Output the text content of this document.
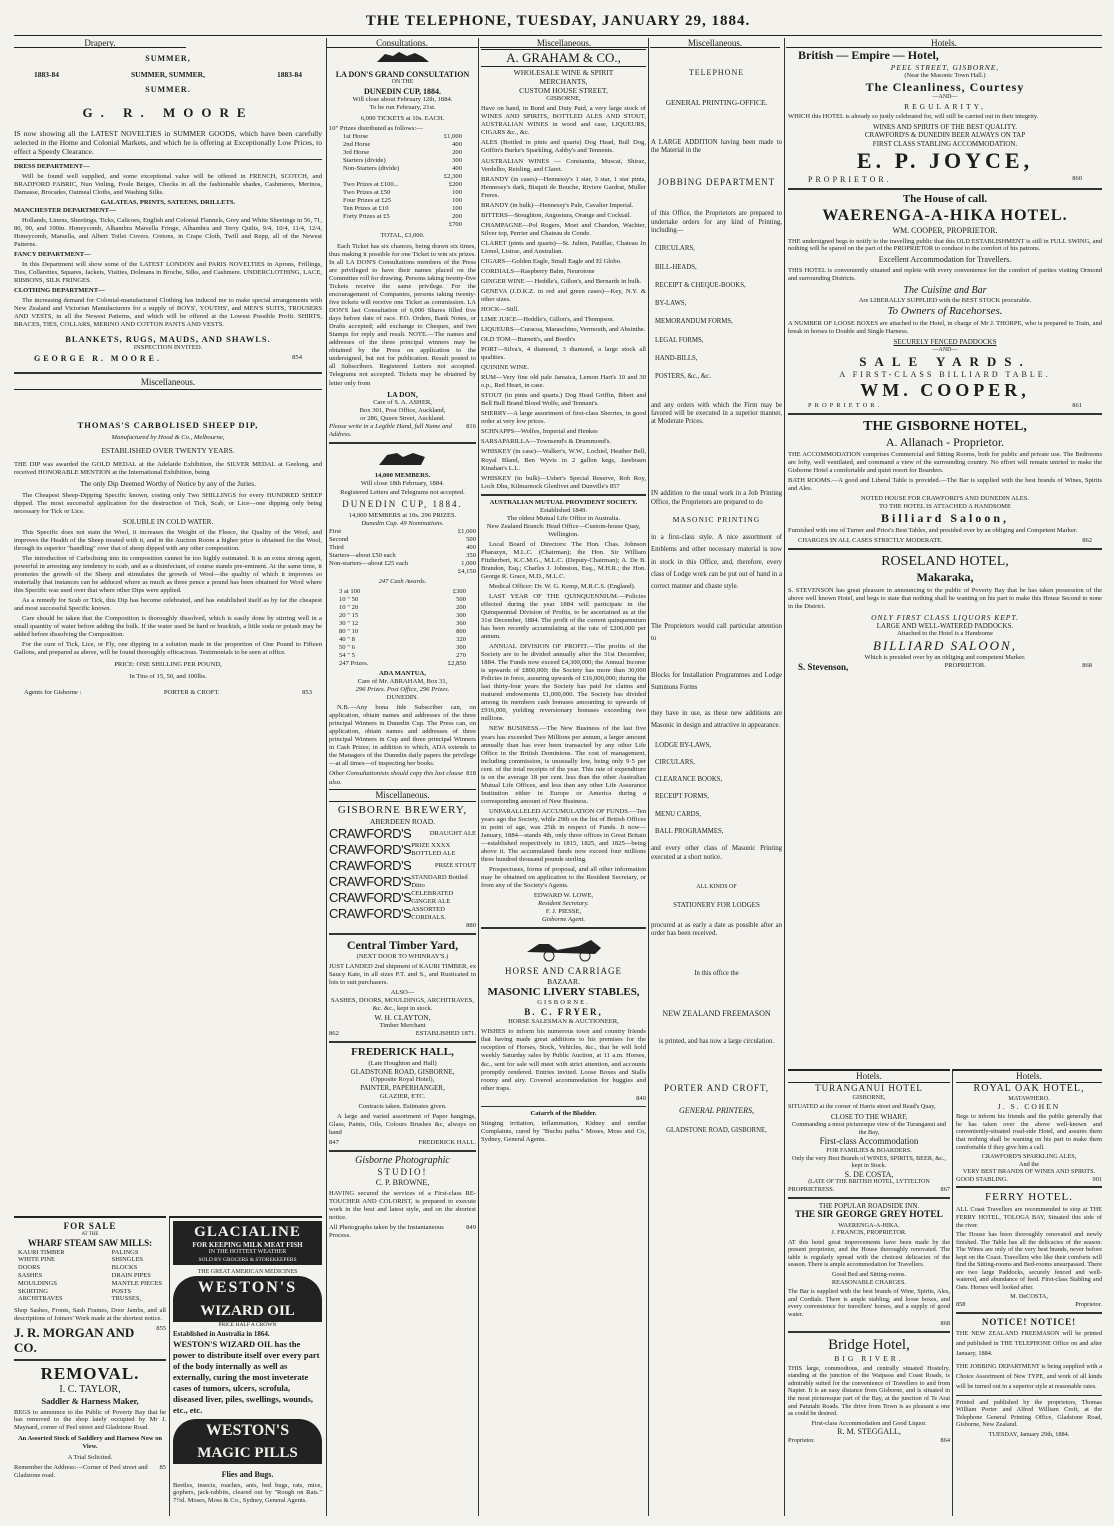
THE TELEPHONE, TUESDAY, JANUARY 29, 1884.
Drapery.	Consultations.	Miscellaneous.	Miscellaneous.	Hotels.
SUMMER,
1883-84	SUMMER, SUMMER,	1883-84
SUMMER.
G. R. MOORE
IS now showing all the LATEST NOVELTIES in SUMMER GOODS, which have been carefully selected in the Home and Colonial Markets, and which he is offering at Exceptionally Low Prices, to effect a Speedy Clearance.
DRESS DEPARTMENT—
Will be found well supplied, and some exceptional value will be offered in FRENCH, SCOTCH, and BRADFORD FABRIC, Nun Veiling, Foule Beiges, Checks in all the fashionable shades, Cashmeres, Merinos, Damasse, Brocades, Oatmeal Cloths, and Washing Silks.
GALATEAS, PRINTS, SATEENS, DRILLETS.
MANCHESTER DEPARTMENT—
Hollands, Linens, Sheetings, Ticks, Calicoes, English and Colonial Flannels, Grey and White Sheetings in 56, 71, 80, 90, and 100in. Honeycomb, Alhambra Marsella Fringe, Alhambra and Terry Quilts, 9/4, 10/4, 11/4, 12/4, Honeycomb, Marsella, and Albert Toilet Covers. Cretons, in Crape Cloth, Twill and Repp, all of the Newest Patterns.
FANCY DEPARTMENT—
In this Department will show some of the LATEST LONDON and PARIS NOVELTIES in Aprons, Frillings, Ties, Collarettes, Squares, Jackets, Visittes, Dolmans in Broche, Silks, and Cashmere. UNDERCLOTHING, LACE, RIBBONS, SILK FRINGES.
CLOTHING DEPARTMENT—
The increasing demand for Colonial-manufactured Clothing has induced me to make special arrangements with New Zealand and Victorian Manufacturers for a supply of BOYS', YOUTHS', and MEN'S SUITS, TROUSERS AND VESTS, in all the Newest Patterns, and which will be offered at the Lowest Possible Profit. SHIRTS, BRACES, TIES, COLLARS, MERINO AND COTTON PANTS AND VESTS.
BLANKETS, RUGS, MAUDS, AND SHAWLS.
INSPECTION INVITED.
GEORGE R. MOORE.	854
Miscellaneous.
THOMAS'S CARBOLISED SHEEP DIP,
Manufactured by Hood & Co., Melbourne,
ESTABLISHED OVER TWENTY YEARS.
THE DIP was awarded the GOLD MEDAL at the Adelaide Exhibition, the SILVER MEDAL at Geelong, and received HONORABLE MENTION at the International Exhibition, being
The only Dip Deemed Worthy of Notice by any of the Juries.
The Cheapest Sheep-Dipping Specific known, costing only Two SHILLINGS for every HUNDRED SHEEP dipped. The most successful application for the destruction of Tick, Scab, or Lice—one dipping only being necessary for Tick or Lice.
SOLUBLE IN COLD WATER.
This Specific does not stain the Wool, it increases the Weight of the Fleece, the Quality of the Wool, and improves the Health of the Sheep treated with it, and in the Auction Room a higher price is obtained for the Wool, through its superior "handling" over that of sheep dipped with any other composition.
The introduction of Carbolising into its composition cannot be too highly estimated. It is an extra strong agent, powerful in arresting any tendency to scab, and as a disinfectant, of course stands pre-eminent. At the same time, it promotes the growth of the Sheep and stimulates the growth of Wool—the quality of which it improves so materially that instances can be adduced where as much as three pence a pound has been obtained for Wool where this Specific was used over that where other Dips were applied.
As a remedy for Scab or Tick, this Dip has become celebrated, and has established itself as by far the cheapest and most successful Specific known.
Care should be taken that the Composition is thoroughly dissolved, which is easily done by stirring well in a small quantity of water before adding the bulk. If the water used be hard or brackish, a little soda or potash may be added before dissolving the Composition.
For the cure of Tick, Lice, or Fly, one dipping in a solution made in the proportion of One Pound to Fifteen Gallons, and prepared as above, will be found thoroughly efficacious. Testimonials to be seen at office.
PRICE: ONE SHILLING PER POUND,
In Tins of 15, 50, and 100lbs.
Agents for Gisborne :	PORTER & CROFT.	853
FOR SALE
AT THE
WHARF STEAM SAW MILLS:
KAURI TIMBER
WHITE PINE
DOORS
SASHES
MOULDINGS
SKIRTING
ARCHITRAVES
PALINGS
SHINGLES
BLOCKS
DRAIN PIPES
MANTLE PIECES
POSTS
TRUSSES,
Shop Sashes, Fronts, Sash Frames, Door Jambs, and all descriptions of Joiners' Work made at the shortest notice.
J. R. MORGAN AND CO.
855
REMOVAL.
I. C. TAYLOR,
Saddler & Harness Maker,
BEGS to announce to the Public of Poverty Bay that he has removed to the shop lately occupied by Mr J. Maynard, corner of Peel street and Gladstone Road.
An Assorted Stock of Saddlery and Harness Now on View.
A Trial Solicited.
Remember the Address:—Corner of Peel street and Gladstone road.
85
GLACIALINE
FOR KEEPING MILK MEAT FISH
IN THE HOTTEST WEATHER
SOLD BY GROCERS & STOREKEEPERS
THE GREAT AMERICAN MEDICINES
WESTON'S
WIZARD OIL
PRICE HALF A CROWN
Established in Australia in 1864.
WESTON'S WIZARD OIL has the power to distribute itself over every part of the body internally as well as externally, curing the most inveterate cases of tumors, ulcers, scrofula, diseased liver, piles, swellings, wounds, etc., etc.
WESTON'S
MAGIC PILLS
Flies and Bugs.
Beetles, insects, roaches, ants, bed bugs, rats, mice, gophers, jack-rabbits, cleared out by "Rough on Rats." 7½d. Moses, Moss & Co., Sydney, General Agents.
LA DON'S GRAND CONSULTATION
ON THE
DUNEDIN CUP, 1884.
Will close about February 12th, 1884.
To be run February, 21st.
6,000 TICKETS at 10s. EACH.
10" Prizes distributed as follows:—
1st Horse	£1,000
2nd Horse	400
3rd Horse	200
Starters (divide)	300
Non-Starters (divide)	400
£2,300
Two Prizes at £100...	£200
Two Prizes at £50	100
Four Prizes at £25	100
Ten Prizes at £10	100
Forty Prizes at £5	200
£700
TOTAL, £3,000.
Each Ticket has six chances, being drawn six times, thus making it possible for one Ticket to win six prizes. In all LA DON'S Consultations members of the Press are privileged to have their names placed on the Committee roll for drawing. Persons taking twenty-five Tickets receive the same privilege. For the encouragement of Companies, persons taking twenty-five tickets will receive one Ticket as commission. LA DON'S last Consultation of 6,000 Shares filled five days before date of race. P.O. Orders, Bank Notes, or Drafts accepted; add exchange to Cheques, and two Stamps for reply and result. NOTE.—The names and addresses of the three principal winners may be obtained by the Press on application to the undersigned, but not for publication. Result posted to all Subscribers. Registered Letters not accepted. Telegrams not accepted. Tickets may be obtained by letter only from
LA DON,
Care of S. A. ASHER,
Box 301, Post Office, Auckland,
or 286, Queen Street, Auckland.
Please write in a Legible Hand, full Name and Address.
816
14,000 MEMBERS.
Will close 18th February, 1884.
Registered Letters and Telegrams not accepted.
DUNEDIN CUP, 1884.
14,000 MEMBERS at 10s. 296 PRIZES.
Dunedin Cup. 49 Nominations.
First	£1,600
Second	500
Third	400
Starters—about £50 each	350
Non-starters—about £25 each	1,000
£4,150
247 Cash Awards.
3 at 100	£300
10 " 50	500
10 " 20	200
20 " 15	300
30 " 12	360
80 " 10	800
40 " 8	320
50 " 6	300
54 " 5	270
247 Prizes.	£2,850
ADA MANTUA,
Care of Mr. ABRAHAM, Box 31,
296 Prizes. Post Office, 296 Prizes.
DUNEDIN.
N.B.—Any bona fide Subscriber can, on application, obtain names and addresses of the three principal Winners in Dunedin Cup. The Press can, on application, obtain names and addresses of three principal Winners in Cup and three principal Winners in Cash Prizes; in addition to which, ADA extends to the Managers of the Dunedin daily papers the privilege—at all times—of inspecting her books.
Other Consultationists should copy this last clause also.
818
Miscellaneous.
GISBORNE BREWERY,
ABERDEEN ROAD.
CRAWFORD'S	DRAUGHT ALE
CRAWFORD'S PRIZE XXXX BOTTLED ALE
CRAWFORD'S	PRIZE STOUT
CRAWFORD'S STANDARD Bottled Ditto
CRAWFORD'S CELEBRATED GINGER ALE
CRAWFORD'S ASSORTED CORDIALS.
880
Central Timber Yard,
(NEXT DOOR TO WHINRAY'S.)
JUST LANDED 2nd shipment of KAURI TIMBER, ex Saucy Kate, in all sizes P.T. and S., and Rusticated in lots to suit purchasers.
ALSO—
SASHES, DOORS, MOULDINGS, ARCHITRAVES, &c. &c., kept in stock.
W. H. CLAYTON,
Timber Merchant
862	ESTABLISHED 1871.
FREDERICK HALL,
(Late Houghton and Hall)
GLADSTONE ROAD, GISBORNE,
(Opposite Royal Hotel),
PAINTER, PAPERHANGER,
GLAZIER, ETC.
Contracts taken. Estimates given.
A large and varied assortment of Paper hangings, Glass, Paints, Oils, Colours Brushes &c, always on hand
847	FREDERICK HALL.
Gisborne Photographic
STUDIO!
C. P. BROWNE,
HAVING secured the services of a First-class RE-TOUCHER AND COLORIST, is prepared to execute work in the best and latest style, and on the shortest notice.
All Photographs taken by the Instantaneous Process.
849
A. GRAHAM & CO.,
WHOLESALE WINE & SPIRIT
MERCHANTS,
CUSTOM HOUSE STREET,
GISBORNE,
Have on hand, in Bond and Duty Paid, a very large stock of WINES AND SPIRITS, BOTTLED ALES AND STOUT, AUSTRALIAN WINES in wood and case, LIQUEURS, CIGARS &c., &c.
ALES (Bottled in pints and quarts) Dog Head, Bull Dog, Griffin's Burke's Sparkling, Ashby's and Tennents.
AUSTRALIAN WINES — Constantia, Muscat, Shiraz, Verdelho, Reisling, and Claret.
BRANDY (in cases)—Hennessy's 1 star, 3 star, 1 star pints, Hennessy's dark, Bisquit de Bouche, Riviere Gardrat, Muller Freres.
BRANDY (in bulk)—Hennessy's Pale, Cavalier Imperial.
BITTERS—Stoughton, Angostura, Orange and Cocktail.
CHAMPAGNE—Pol Rogers, Moet and Chandon, Wachter, Silver top, Perrier and Chateau de Conde.
CLARET (pints and quarts)—St. Julien, Pauillac, Chateau Jn Lionel, Listrac, and Australian.
CIGARS—Golden Eagle, Small Eagle and El Globo.
CORDIALS—Raspberry Balm, Neurotone
GINGER WINE — Heddle's, Gillon's, and Bernards in bulk.
GENEVA (J.D.K.Z. in red and green cases)—Key, N.Y. & other sizes.
HOCK—Still.
LIME JUICE—Heddle's, Gillon's, and Thompson.
LIQUEURS—Curacoa, Maraschino, Vermouth, and Absinthe.
OLD TOM—Burnett's, and Booth's
PORT—Silva's, 4 diamond, 3 diamond, a large stock all qualities.
QUININE WINE.
RUM—Very fine old pale Jamaica, Lemon Hart's 10 and 30 o.p., Red Heart, in case.
STOUT (in pints and quarts.) Dog Head Griffin, Ibbert and Bell Bull Brand Blood Wolfe, and Tennant's.
SHERRY—A large assortment of first-class Sherries, in good order at very low prices.
SCHNAPPS—Wolfes, Imperial and Henkes
SARSAPARILLA—Townsend's & Drummond's.
WHISKEY (in case)—Walker's, W.W., Lochiel, Heather Bell, Royal Bland, Ben Wyvis in 2 gallon kegs, Jareboam Kinahan's L.L.
WHISKEY (in bulk)—Usher's Special Reserve, Rob Roy, Loch Dhu, Kilmarnock Glenlivet and Dunville's 857
AUSTRALIAN MUTUAL PROVIDENT SOCIETY.
Established 1849.
The oldest Mutual Life Office in Australia.
New Zealand Branch: Head Office—Custom-house Quay, Wellington.
Local Board of Directors: The Hon. Chas. Johnson Pharazyn, M.L.C. (Chairman); the Hon. Sir William Fitzherbert, K.C.M.G., M.L.C. (Deputy-Chairman); A. De B. Brandon, Esq.; Charles J. Johnston, Esq., M.H.R.; the Hon. George R. Grace, M.D., M.L.C.
Medical Officer: Dr. W. G. Kemp, M.R.C.S. (England).
LAST YEAR OF THE QUINQUENNIUM.—Policies effected during the year 1884 will participate in the Quinquennial Division of Profits, to be ascertained as at the 31st December, 1884. The profit of the current quinquennium has been recently accumulating at the rate of £200,000 per annum.
ANNUAL DIVISION OF PROFIT.—The profits of the Society are to be divided annually after the 31st December, 1884. The Funds now exceed £4,300,000; the Annual Income is upwards of £800,000; the Society has more than 30,000 Policies in force, assuring upwards of £16,000,000; during the last thirty-four years the Society has paid for claims and matured endowments £1,000,000. The Society has divided among its members cash bonuses amounting to upwards of £916,000, yielding reversionary bonuses exceeding two millions.
NEW BUSINESS.—The New Business of the last five years has exceeded Two Millions per annum, a larger amount annually than has ever been transacted by any other Life Office in the British Dominions. The cost of management, including commission, is unusually low, being only 9·5 per cent. of the total receipts of the year. This rate of expenditure is on the average 18 per cent. less than the other Australian Mutual Life Offices, and less than any other Life Assurance Institution either in Europe or America during a corresponding amount of New Business.
UNPARALLELED ACCUMULATION OF FUNDS.—Ten years ago the Society, while 29th on the list of British Offices in point of age, was 25th in respect of Funds. It now—January, 1884—stands 4th, only three offices in Great Britain—established respectively in 1815, 1825, and 1825—being above it. The accumulated funds now exceed four millions three hundred thousand pounds sterling.
Prospectuses, forms of proposal, and all other information may be obtained on application to the Resident Secretary, or from any of the Society's Agents.
EDWARD W. LOWE,
Resident Secretary.
F. J. PIESSE,
Gisborne Agent.
HORSE AND CARRIAGE
BAZAAR.
MASONIC LIVERY STABLES,
GISBORNE.
B. C. FRYER,
HORSE SALESMAN & AUCTIONEER,
WISHES to inform his numerous town and country friends that having made great additions to his premises for the reception of Horses, Stock, Vehicles, &c., that he will hold weekly Saturday sales by Public Auction, at 11 a.m. Horses, &c., sent for sale will meet with strict attention, and accounts promptly rendered. Entries invited. Loose Boxes and Stalls roomy and airy. Covered accommodation for buggies and other traps.
840
Catarrh of the Bladder.
Stinging irritation, inflammation, Kidney and similar Complaints, cured by "Buchu paiba." Moses, Moss and Co, Sydney, General Agents.
TELEPHONE
GENERAL PRINTING-OFFICE.
A LARGE ADDITION having been made to the Material in the
JOBBING DEPARTMENT
of this Office, the Proprietors are prepared to undertake orders for any kind of Printing, including—
CIRCULARS,
BILL-HEADS,
RECEIPT & CHEQUE-BOOKS,
BY-LAWS,
MEMORANDUM FORMS,
LEGAL FORMS,
HAND-BILLS,
POSTERS, &c., &c.
and any orders with which the Firm may be favored will be executed in a superior manner, at Moderate Prices.
IN addition to the usual work in a Job Printing Office, the Proprietors are prepared to do
MASONIC PRINTING
in a first-class style. A nice assortment of Emblems and other necessary material is now in stock in this Office, and, therefore, every class of Lodge work can be put out of hand in a correct manner and chaste style.
The Proprietors would call particular attention to
Blocks for Installation Programmes and Lodge Summons Forms
they have in use, as these new additions are Masonic in design and attractive in appearance.
LODGE BY-LAWS,
CIRCULARS,
CLEARANCE BOOKS,
RECEIPT FORMS,
MENU CARDS,
BALL PROGRAMMES,
and every other class of Masonic Printing executed at a short notice.
ALL KINDS OF
STATIONERY FOR LODGES
procured at as early a date as possible after an order has been received.
In this office the
NEW ZEALAND FREEMASON
is printed, and has now a large circulation.
PORTER AND CROFT,
GENERAL PRINTERS,
GLADSTONE ROAD, GISBORNE,
British — Empire — Hotel,
PEEL STREET, GISBORNE,
(Near the Masonic Town Hall.)
The Cleanliness, Courtesy
—AND—
REGULARITY,
WHICH this HOTEL is already so justly celebrated for, will still be carried out in their integrity.
WINES AND SPIRITS OF THE BEST QUALITY.
CRAWFORD'S & DUNEDIN BEER ALWAYS ON TAP
FIRST CLASS STABLING ACCOMMODATION.
E. P. JOYCE,
PROPRIETOR.	860
The House of call.
WAERENGA-A-HIKA HOTEL.
WM. COOPER, PROPRIETOR.
THE undersigned begs to notify to the travelling public that this OLD ESTABLISHMENT is still in FULL SWING, and nothing will be spared on the part of the PROPRIETOR to conduce to the comfort of his patrons.
Excellent Accommodation for Travellers.
THIS HOTEL is conveniently situated and replete with every convenience for the comfort of parties visiting Ormond and surrounding Districts.
The Cuisine and Bar
Are LIBERALLY SUPPLIED with the BEST STOCK procurable.
To Owners of Racehorses.
A NUMBER OF LOOSE BOXES are attached to the Hotel, in charge of Mr J. THORPE, who is prepared to Train, and break in horses to Double and Single Harness.
SECURELY FENCED PADDOCKS
—AND—
SALE YARDS.
A FIRST-CLASS BILLIARD TABLE.
WM. COOPER,
PROPRIETOR.	861
THE GISBORNE HOTEL,
A. Allanach - Proprietor.
THE ACCOMMODATION comprises Commercial and Sitting Rooms, both for public and private use. The Bedrooms are lofty, well ventilated, and command a view of the surrounding country. No effort will remain untried to make the Gisborne Hotel a comfortable and quiet resort for Boarders.
BATH ROOMS.—A good and Liberal Table is provided.—The Bar is supplied with the best brands of Wines, Spirits and Ales.
NOTED HOUSE FOR CRAWFORD'S AND DUNEDIN ALES.
TO THE HOTEL IS ATTACHED A HANDSOME
Billiard Saloon,
Furnished with one of Turner and Price's Best Tables, and presided over by an obliging and Competent Marker.
CHARGES IN ALL CASES STRICTLY MODERATE.	862
ROSELAND HOTEL,
Makaraka,
S. STEVENSON has great pleasure in announcing to the public of Poverty Bay that he has taken possession of the above well known Hotel, and begs to state that nothing shall be wanting on his part to make this House Second to none in the District.
ONLY FIRST CLASS LIQUORS KEPT.
LARGE AND WELL-WATERED PADDOCKS.
Attached to the Hotel is a Handsome
BILLIARD SALOON,
Which is presided over by an obliging and competent Marker.
S. Stevenson,	PROPRIETOR.	868
Hotels.
TURANGANUI HOTEL
GISBORNE,
SITUATED at the corner of Harris street and Read's Quay,
CLOSE TO THE WHARF,
Commanding a most picturesque view of the Turanganui and the Bay,
First-class Accommodation
FOR FAMILIES & BOARDERS.
Only the very Best Brands of WINES, SPIRITS, BEER, &c., kept in Stock.
S. DE COSTA,
(LATE OF THE BRITISH HOTEL, LYTTELTON
PROPRIETRESS.	867
THE POPULAR ROADSIDE INN.
THE SIR GEORGE GREY HOTEL
WAERENGA-A-HIKA.
J. FRANCIS, PROPRIETOR.
AT this hotel great improvements have been made by the present proprietor, and the House thoroughly renovated. The table is regularly spread with the choicest delicacies of the season. There is ample accommodation for Travellers.
Good Bed and Sitting-rooms.
REASONABLE CHARGES.
The Bar is supplied with the best brands of Wine, Spirits, Ales, and Cordials. There is ample stabling, and loose boxes, and every convenience for travellers' horses, and a supply of good water.
868
Bridge Hotel,
BIG RIVER.
THIS large, commodious, and centrally situated Hostelry, standing at the junction of the Waipaoa and Coast Roads, is admirably suited for the convenience of Travellers to and from Napier. It is an easy distance from Gisborne, and is situated in the most picturesque part of the Bay, at the junction of Te Arai and Patutahi Roads. The drive from Town is as pleasant a one as could be desired.
First-class Accommodation and Good Liquor.
R. M. STEGGALL,
Proprietor.	864
Hotels.
ROYAL OAK HOTEL,
MATAWHERO.
J. S. COHEN
Begs to inform his friends and the public generally that he has taken over the above well-known and conveniently-situated road-side Hotel, and assures them that nothing shall be wanting on his part to make them comfortable if they give him a call.
CRAWFORD'S SPARKLING ALES,
And the
VERY BEST BRANDS OF WINES AND SPIRITS.
GOOD STABLING.	901
FERRY HOTEL.
ALL Coast Travellers are recommended to stop at THE FERRY HOTEL, TOLOGA BAY, Situated this side of the river.
The House has been thoroughly renovated and newly finished. The Table has all the delicacies of the season. The Wines are only of the very best brands, never before kept on the Coast. Travellers who like their comforts will find the Sitting-rooms and Bed-rooms unsurpassed. There are two large Paddocks, securely fenced and well-watered, and abundance of feed. First-class Stabling and Oats. Horses well looked after.
M. DeCOSTA,
858	Proprietor.
NOTICE! NOTICE!
THE NEW ZEALAND FREEMASON will be printed and published in THE TELEPHONE Office on and after January, 1884.
THE JOBBING DEPARTMENT is being supplied with a Choice Assortment of New TYPE, and work of all kinds will be turned out in a superior style at reasonable rates.
Printed and published by the proprietors, Thomas William Porter and Alfred William Croft, at the Telephone General Printing Office, Gladstone Road, Gisborne, New Zealand.
TUESDAY, January 29th, 1884.
